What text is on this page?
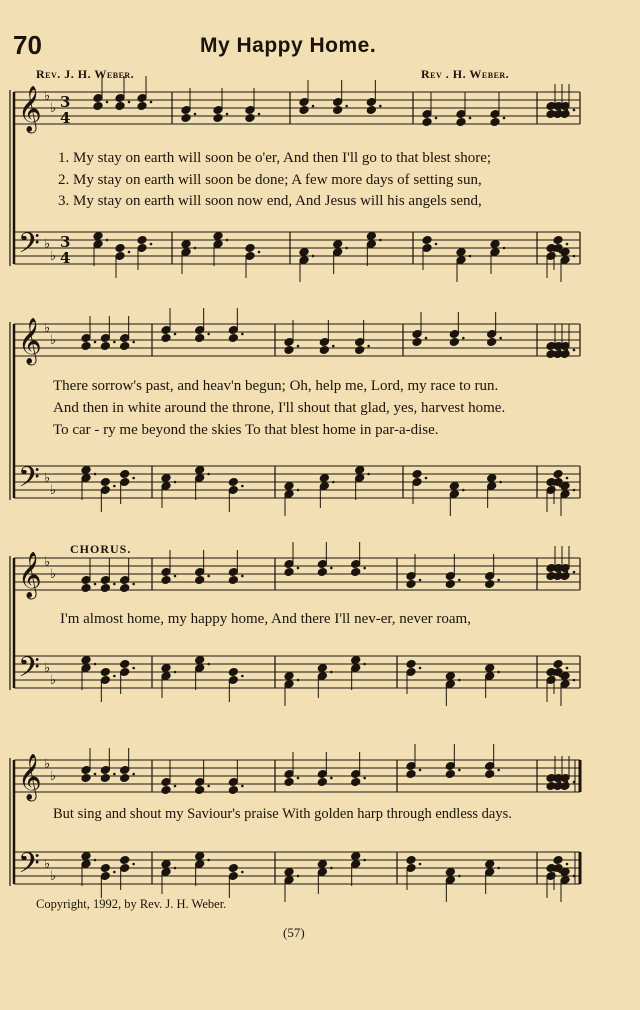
70	My Happy Home.
Rev. J. H. Weber.	Rev . H. Weber.
𝄞
𝄢
♭
♭
♭
♭
3
4
3
4
𝄞
𝄢
♭
♭
♭
♭
𝄞
𝄢
♭
♭
♭
♭
𝄞
𝄢
♭
♭
♭
♭
1. My stay on earth will soon be o'er, And then I'll go to that blest shore;
2. My stay on earth will soon be done; A few more days of setting sun,
3. My stay on earth will soon now end, And Jesus will his angels send,
There sorrow's past, and heav'n begun; Oh, help me, Lord, my race to run.
And then in white around the throne, I'll shout that glad, yes, harvest home.
To car - ry me beyond the skies To that blest home in par-a-dise.
CHORUS.
I'm almost home, my happy home, And there I'll nev-er, never roam,
But sing and shout my Saviour's praise With golden harp through endless days.
Copyright, 1992, by Rev. J. H. Weber.
(57)
